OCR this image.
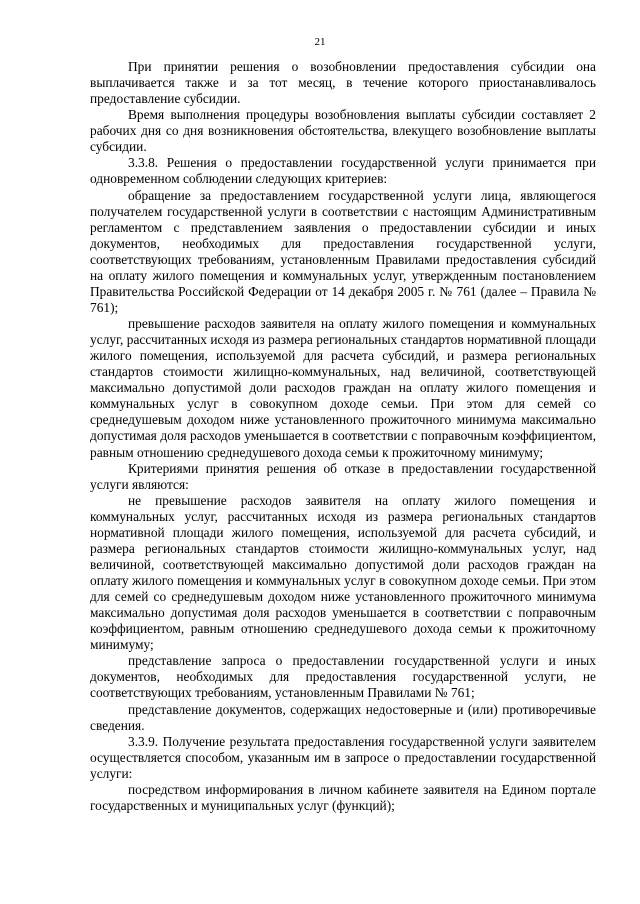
21

При принятии решения о возобновлении предоставления субсидии она выплачивается также и за тот месяц, в течение которого приостанавливалось предоставление субсидии.

Время выполнения процедуры возобновления выплаты субсидии составляет 2 рабочих дня со дня возникновения обстоятельства, влекущего возобновление выплаты субсидии.

3.3.8. Решения о предоставлении государственной услуги принимается при одновременном соблюдении следующих критериев:

обращение за предоставлением государственной услуги лица, являющегося получателем государственной услуги в соответствии с настоящим Административным регламентом с представлением заявления о предоставлении субсидии и иных документов, необходимых для предоставления государственной услуги, соответствующих требованиям, установленным Правилами предоставления субсидий на оплату жилого помещения и коммунальных услуг, утвержденным постановлением Правительства Российской Федерации от 14 декабря 2005 г. № 761 (далее – Правила № 761);

превышение расходов заявителя на оплату жилого помещения и коммунальных услуг, рассчитанных исходя из размера региональных стандартов нормативной площади жилого помещения, используемой для расчета субсидий, и размера региональных стандартов стоимости жилищно-коммунальных, над величиной, соответствующей максимально допустимой доли расходов граждан на оплату жилого помещения и коммунальных услуг в совокупном доходе семьи. При этом для семей со среднедушевым доходом ниже установленного прожиточного минимума максимально допустимая доля расходов уменьшается в соответствии с поправочным коэффициентом, равным отношению среднедушевого дохода семьи к прожиточному минимуму;

Критериями принятия решения об отказе в предоставлении государственной услуги являются:

не превышение расходов заявителя на оплату жилого помещения и коммунальных услуг, рассчитанных исходя из размера региональных стандартов нормативной площади жилого помещения, используемой для расчета субсидий, и размера региональных стандартов стоимости жилищно-коммунальных услуг, над величиной, соответствующей максимально допустимой доли расходов граждан на оплату жилого помещения и коммунальных услуг в совокупном доходе семьи. При этом для семей со среднедушевым доходом ниже установленного прожиточного минимума максимально допустимая доля расходов уменьшается в соответствии с поправочным коэффициентом, равным отношению среднедушевого дохода семьи к прожиточному минимуму;

представление запроса о предоставлении государственной услуги и иных документов, необходимых для предоставления государственной услуги, не соответствующих требованиям, установленным Правилами № 761;

представление документов, содержащих недостоверные и (или) противоречивые сведения.

3.3.9. Получение результата предоставления государственной услуги заявителем осуществляется способом, указанным им в запросе о предоставлении государственной услуги:

посредством информирования в личном кабинете заявителя на Едином портале государственных и муниципальных услуг (функций);
